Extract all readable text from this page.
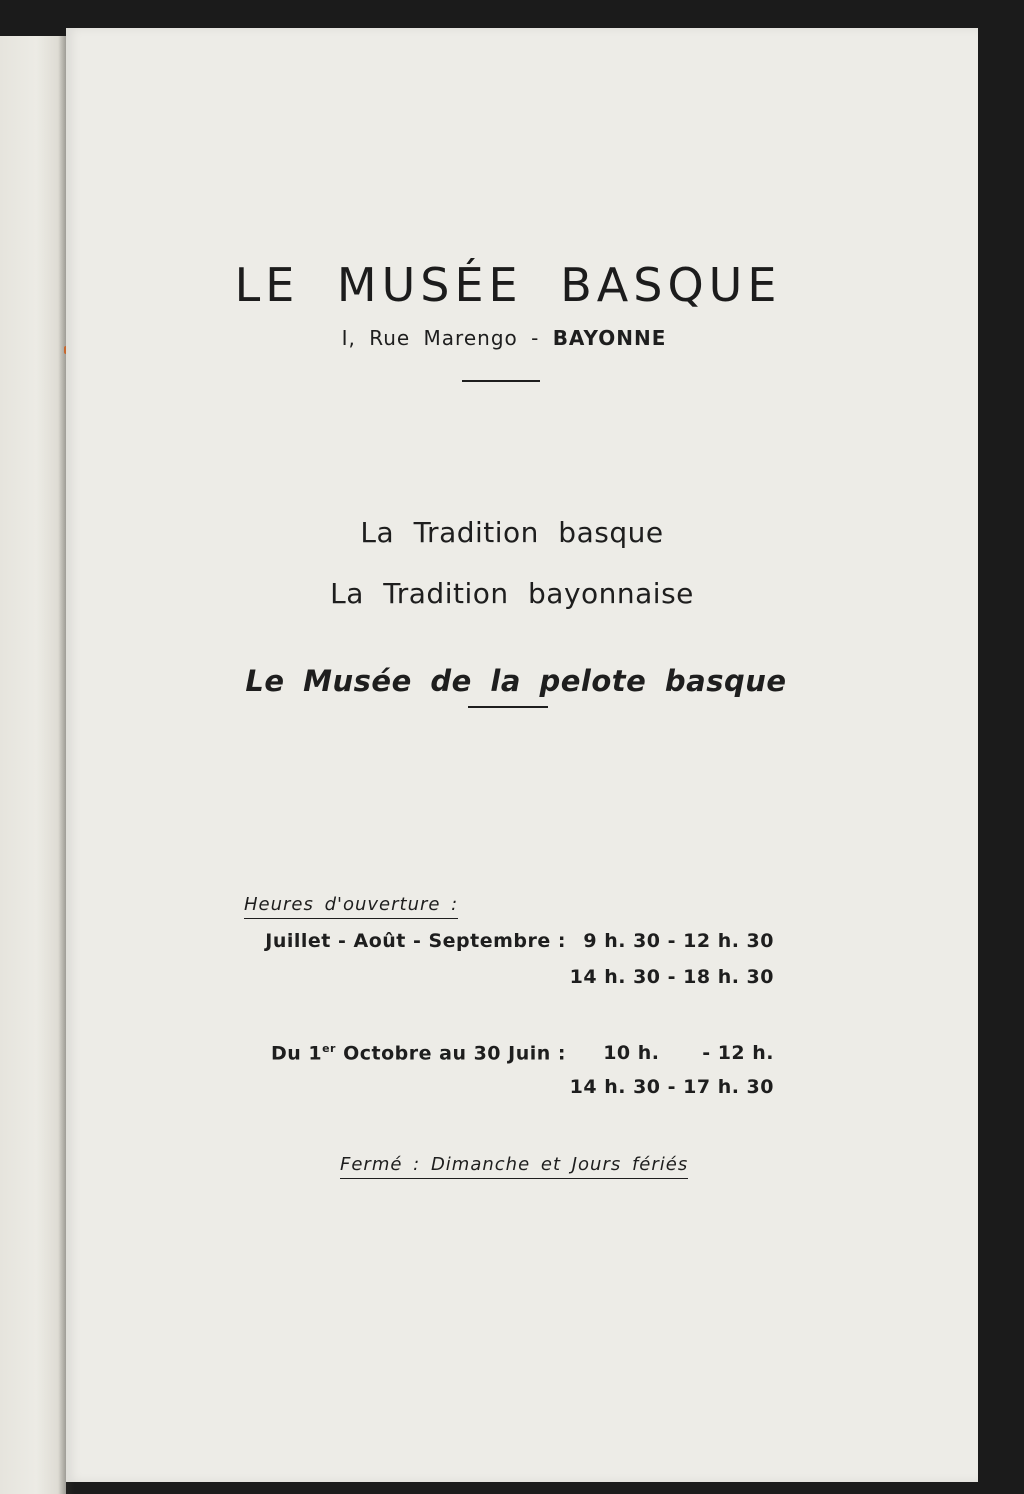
LE MUSÉE BASQUE
I, Rue Marengo - BAYONNE
La Tradition basque
La Tradition bayonnaise
Le Musée de la pelote basque
Heures d'ouverture :
Juillet - Août - Septembre : 9 h. 30 - 12 h. 30
14 h. 30 - 18 h. 30
Du 1er Octobre au 30 Juin : 10 h.      - 12 h.
14 h. 30 - 17 h. 30
Fermé : Dimanche et Jours fériés
